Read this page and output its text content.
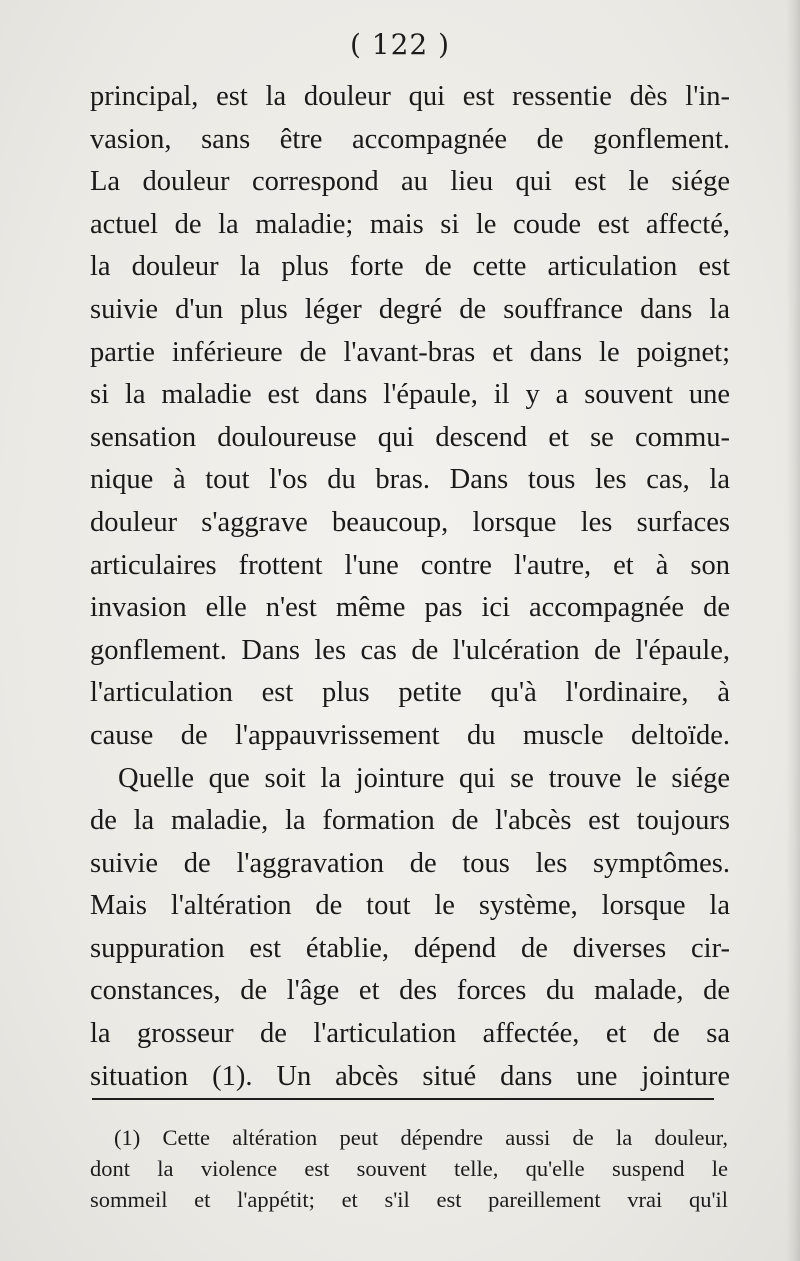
( 122 )
principal, est la douleur qui est ressentie dès l'in-
vasion, sans être accompagnée de gonflement.
La douleur correspond au lieu qui est le siége
actuel de la maladie; mais si le coude est affecté,
la douleur la plus forte de cette articulation est
suivie d'un plus léger degré de souffrance dans la
partie inférieure de l'avant-bras et dans le poignet;
si la maladie est dans l'épaule, il y a souvent une
sensation douloureuse qui descend et se commu-
nique à tout l'os du bras. Dans tous les cas, la
douleur s'aggrave beaucoup, lorsque les surfaces
articulaires frottent l'une contre l'autre, et à son
invasion elle n'est même pas ici accompagnée de
gonflement. Dans les cas de l'ulcération de l'épaule,
l'articulation est plus petite qu'à l'ordinaire, à
cause de l'appauvrissement du muscle deltoïde.
Quelle que soit la jointure qui se trouve le siége
de la maladie, la formation de l'abcès est toujours
suivie de l'aggravation de tous les symptômes.
Mais l'altération de tout le système, lorsque la
suppuration est établie, dépend de diverses cir-
constances, de l'âge et des forces du malade, de
la grosseur de l'articulation affectée, et de sa
situation (1). Un abcès situé dans une jointure
(1) Cette altération peut dépendre aussi de la douleur,
dont la violence est souvent telle, qu'elle suspend le
sommeil et l'appétit; et s'il est pareillement vrai qu'il
